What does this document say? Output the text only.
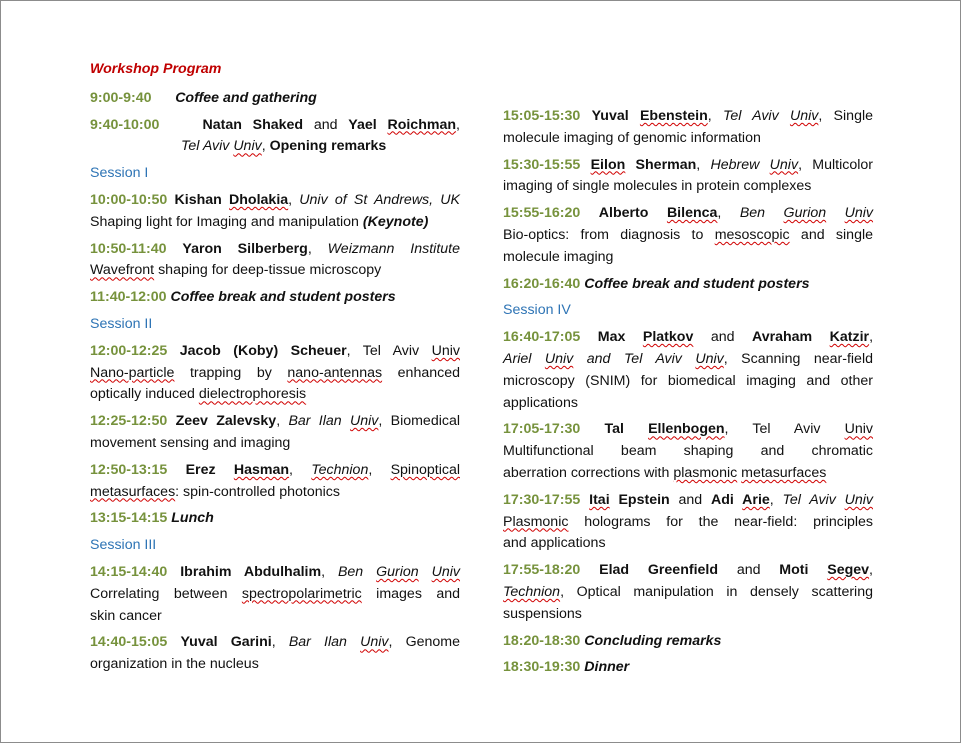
Workshop Program
9:00-9:40 Coffee and gathering
9:40-10:00	Natan Shaked and Yael Roichman,
Tel Aviv Univ, Opening remarks
Session I
10:00-10:50 Kishan Dholakia, Univ of St Andrews, UK
Shaping light for Imaging and manipulation (Keynote)
10:50-11:40 Yaron Silberberg, Weizmann Institute
Wavefront shaping for deep-tissue microscopy
11:40-12:00 Coffee break and student posters
Session II
12:00-12:25 Jacob (Koby) Scheuer, Tel Aviv Univ
Nano-particle trapping by nano-antennas enhanced
optically induced dielectrophoresis
12:25-12:50 Zeev Zalevsky, Bar Ilan Univ, Biomedical
movement sensing and imaging
12:50-13:15 Erez Hasman, Technion, Spinoptical
metasurfaces: spin-controlled photonics
13:15-14:15 Lunch
Session III
14:15-14:40 Ibrahim Abdulhalim, Ben Gurion Univ
Correlating between spectropolarimetric images and
skin cancer
14:40-15:05 Yuval Garini, Bar Ilan Univ, Genome
organization in the nucleus
15:05-15:30 Yuval Ebenstein, Tel Aviv Univ, Single
molecule imaging of genomic information
15:30-15:55 Eilon Sherman, Hebrew Univ, Multicolor
imaging of single molecules in protein complexes
15:55-16:20 Alberto Bilenca, Ben Gurion Univ
Bio-optics: from diagnosis to mesoscopic and single
molecule imaging
16:20-16:40 Coffee break and student posters
Session IV
16:40-17:05 Max Platkov and Avraham Katzir,
Ariel Univ and Tel Aviv Univ, Scanning near-field
microscopy (SNIM) for biomedical imaging and other
applications
17:05-17:30 Tal Ellenbogen, Tel Aviv Univ
Multifunctional beam shaping and chromatic
aberration corrections with plasmonic metasurfaces
17:30-17:55 Itai Epstein and Adi Arie, Tel Aviv Univ
Plasmonic holograms for the near-field: principles
and applications
17:55-18:20 Elad Greenfield and Moti Segev,
Technion, Optical manipulation in densely scattering
suspensions
18:20-18:30 Concluding remarks
18:30-19:30 Dinner
